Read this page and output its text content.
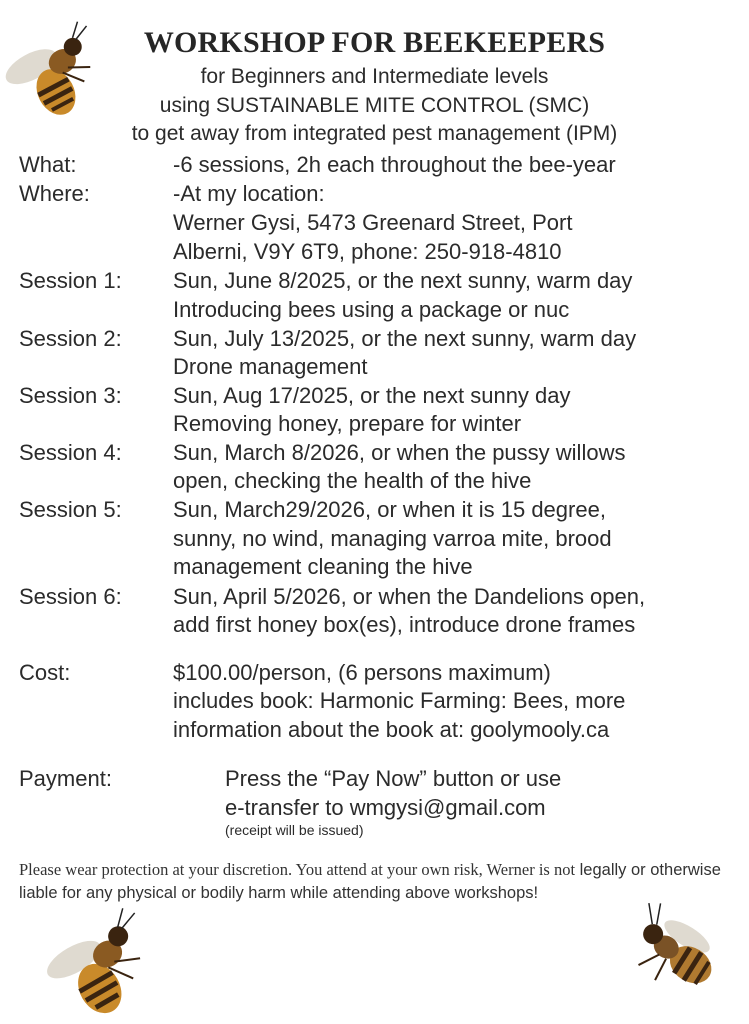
WORKSHOP FOR BEEKEEPERS
for Beginners and Intermediate levels
using SUSTAINABLE MITE CONTROL (SMC)
to get away from integrated pest management (IPM)
What:	-6 sessions, 2h each throughout the bee-year
Where:	-At my location:
Werner Gysi, 5473 Greenard Street, Port
Alberni, V9Y 6T9, phone: 250-918-4810
Session 1: Sun, June 8/2025, or the next sunny, warm day
Introducing bees using a package or nuc
Session 2: Sun, July 13/2025, or the next sunny, warm day
Drone management
Session 3: Sun, Aug 17/2025, or the next sunny day
Removing honey, prepare for winter
Session 4: Sun, March 8/2026, or when the pussy willows
open, checking the health of the hive
Session 5: Sun, March29/2026, or when it is 15 degree,
sunny, no wind, managing varroa mite, brood
management cleaning the hive
Session 6: Sun, April 5/2026, or when the Dandelions open,
add first honey box(es), introduce drone frames
Cost:	$100.00/person, (6 persons maximum)
includes book: Harmonic Farming: Bees, more
information about the book at: goolymooly.ca
Payment:	Press the “Pay Now” button or use
e-transfer to wmgysi@gmail.com
(receipt will be issued)
Please wear protection at your discretion. You attend at your own risk, Werner is not legally or otherwise liable for any physical or bodily harm while attending above workshops!
